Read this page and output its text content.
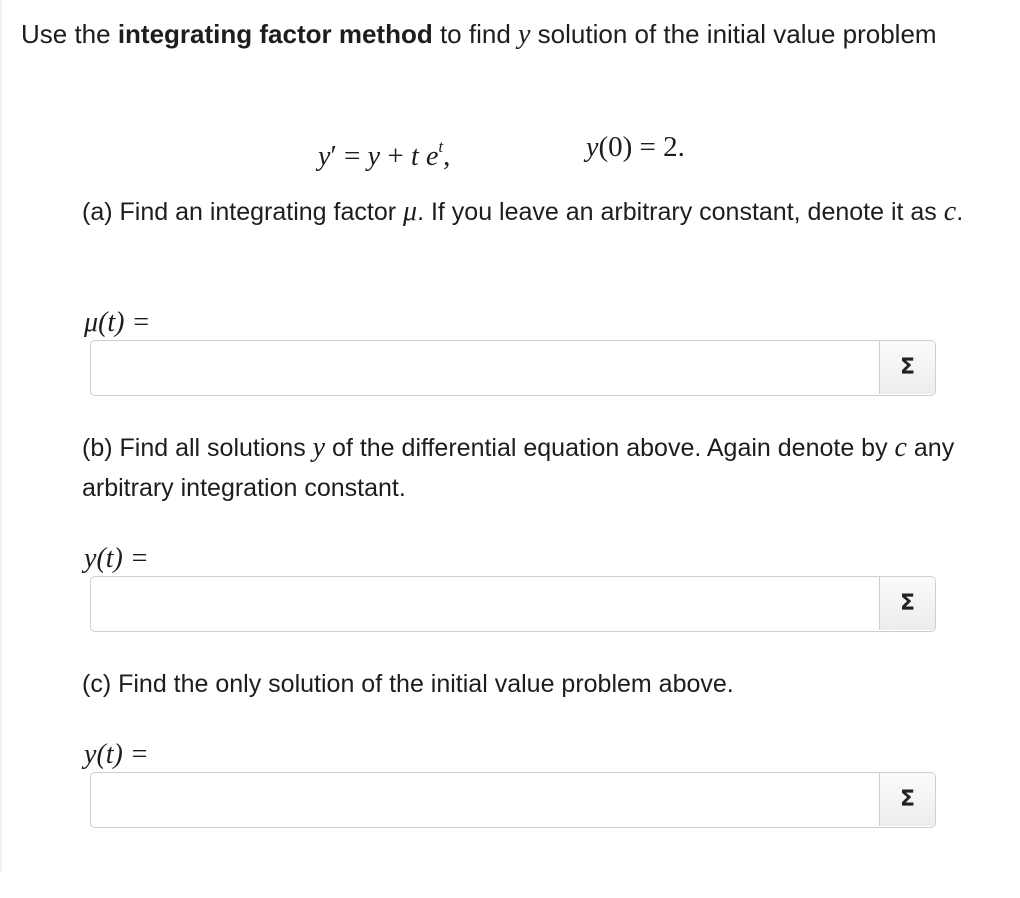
Use the integrating factor method to find y solution of the initial value problem
y′ = y + t $e^t$,	y(0) = 2.
(a) Find an integrating factor μ. If you leave an arbitrary constant, denote it as c.
μ(t) =
Σ
(b) Find all solutions y of the differential equation above. Again denote by c any arbitrary integration constant.
y(t) =
Σ
(c) Find the only solution of the initial value problem above.
y(t) =
Σ
